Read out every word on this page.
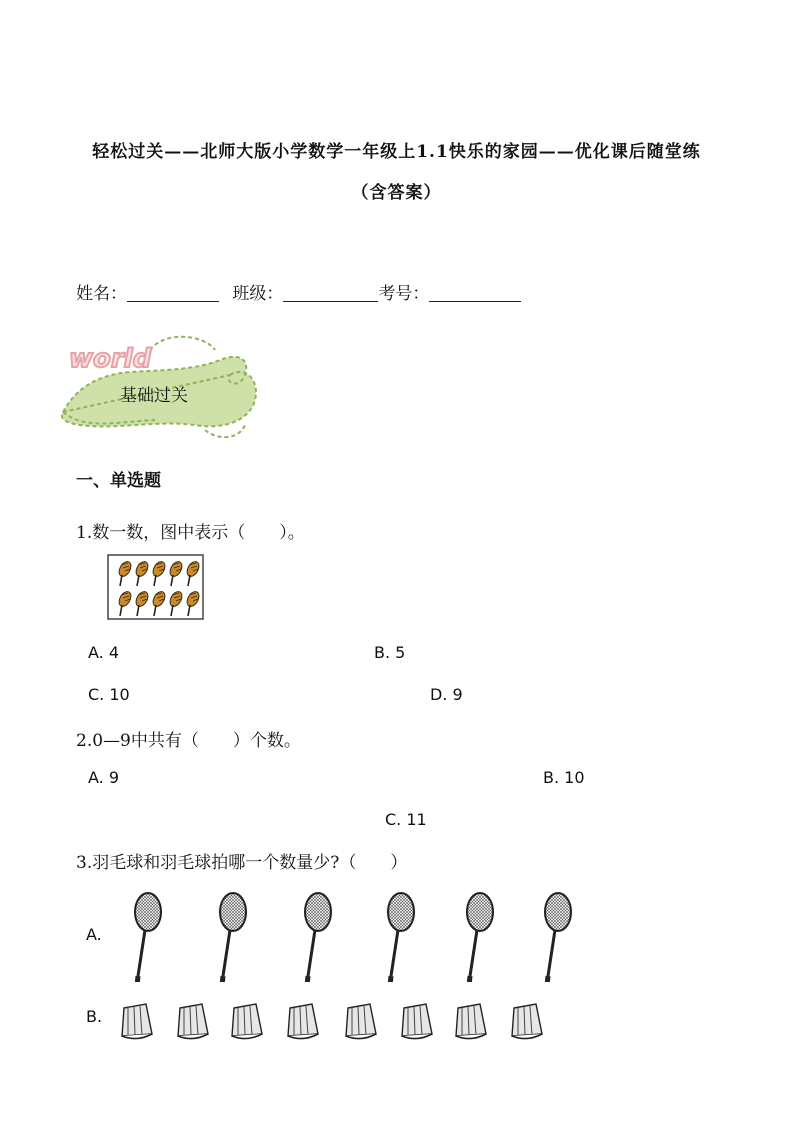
轻松过关——北师大版小学数学一年级上1.1快乐的家园——优化课后随堂练
（含答案）
姓名：	班级：	考号：
world
基础过关
一、单选题
1.数一数，图中表示（　　）。
A. 4	B. 5
C. 10	D. 9
2.0—9中共有（　　）个数。
A. 9	B. 10
C. 11
3.羽毛球和羽毛球拍哪一个数量少?（　　）
A.
B.
